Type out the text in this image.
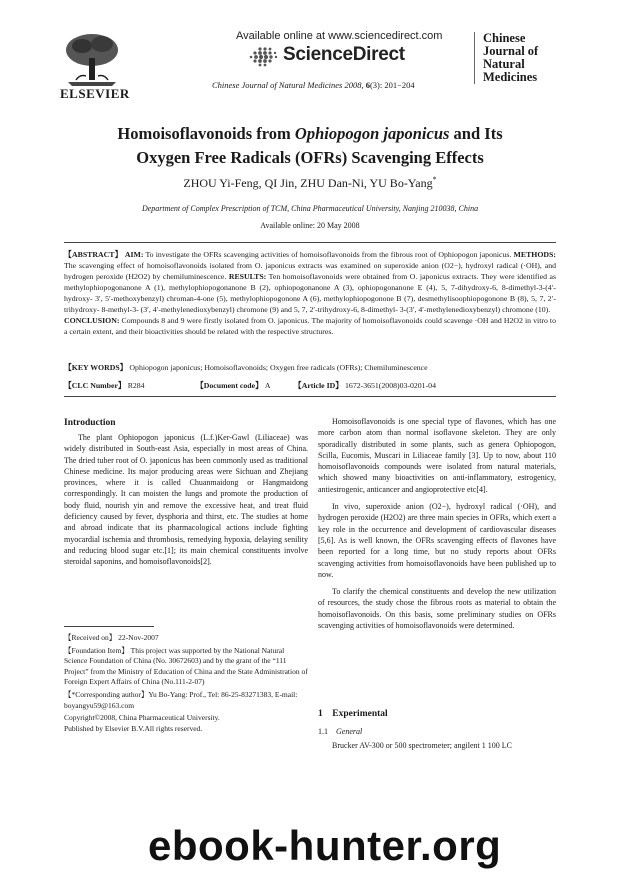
ELSEVIER
Available online at www.sciencedirect.com
ScienceDirect
Chinese Journal of Natural Medicines 2008, 6(3): 201−204
Chinese
Journal of
Natural
Medicines
Homoisoflavonoids from Ophiopogon japonicus and Its
Oxygen Free Radicals (OFRs) Scavenging Effects
ZHOU Yi-Feng, QI Jin, ZHU Dan-Ni, YU Bo-Yang*
Department of Complex Prescription of TCM, China Pharmaceutical University, Nanjing 210038, China
Available online: 20 May 2008
【ABSTRACT】 AIM: To investigate the OFRs scavenging activities of homoisoflavonoids from the fibrous root of Ophiopogon japonicus. METHODS: The scavenging effect of homoisoflavonoids isolated from O. japonicus extracts was examined on superoxide anion (O2−), hydroxyl radical (·OH), and hydrogen peroxide (H2O2) by chemiluminescence. RESULTS: Ten homoisoflavonoids were obtained from O. japonicus extracts. They were identified as methylophiopogonanone A (1), methylophiopogonanone B (2), ophiopogonanone A (3), ophiopogonanone E (4), 5, 7-dihydroxy-6, 8-dimethyl-3-(4′-hydroxy- 3′, 5′-methoxybenzyl) chroman-4-one (5), methylophiopogonone A (6), methylophiopogonone B (7), desmethylisoophiopogonone B (8), 5, 7, 2′-trihydroxy- 8-methyl-3- (3′, 4′-methylenedioxybenzyl) chromone (9) and 5, 7, 2′-trihydroxy-6, 8-dimethyl- 3-(3′, 4′-methylenedioxybenzyl) chromone (10).
CONCLUSION: Compounds 8 and 9 were firstly isolated from O. japonicus. The majority of homoisoflavonoids could scavenge ·OH and H2O2 in vitro to a certain extent, and their bioactivities should be related with the respective structures.
【KEY WORDS】 Ophiopogon japonicus; Homoisoflavonoids; Oxygen free radicals (OFRs); Chemiluminescence
【CLC Number】 R284	【Document code】 A	【Article ID】 1672-3651(2008)03-0201-04
Introduction

The plant Ophiopogon japonicus (L.f.)Ker-Gawl (Liliaceae) was widely distributed in South-east Asia, especially in most areas of China. The dried tuber root of O. japonicus has been commonly used as traditional Chinese medicine. Its major producing areas were Sichuan and Zhejiang provinces, where it is called Chuanmaidong or Hangmaidong correspondingly. It can moisten the lungs and promote the production of body fluid, nourish yin and remove the excessive heat, and treat fluid deficiency caused by fever, dysphoria and thirst, etc. The studies at home and abroad indicate that its pharmacological actions include fighting myocardial ischemia and thrombosis, remedying hypoxia, delaying senility and reducing blood sugar etc.[1]; its main chemical constituents involve steroidal saponins, and homoisoflavonoids[2].

【Received on】 22-Nov-2007
【Foundation Item】 This project was supported by the National Natural Science Foundation of China (No. 30672603) and by the grant of the “111 Project” from the Ministry of Education of China and the State Administration of Foreign Expert Affairs of China (No.111-2-07)
【*Corresponding author】Yu Bo-Yang: Prof., Tel: 86-25-83271383, E-mail: boyangyu59@163.com
Copyright©2008, China Pharmaceutical University.
Published by Elsevier B.V.All rights reserved.

Homoisoflavonoids is one special type of flavones, which has one more carbon atom than normal isoflavone skeleton. They are only sporadically distributed in some plants, such as genera Ophiopogon, Scilla, Eucomis, Muscari in Liliaceae family [3]. Up to now, about 110 homoisoflavonoids compounds were isolated from natural materials, which showed many bioactivities on anti-inflammatory, estrogenicy, antiestrogenic, anticancer and angioprotective etc[4].

In vivo, superoxide anion (O2−), hydroxyl radical (·OH), and hydrogen peroxide (H2O2) are three main species in OFRs, which exert a key role in the occurrence and development of cardiovascular diseases [5,6]. As is well known, the OFRs scavenging effects of flavones have been reported for a long time, but no study reports about OFRs scavenging activities from homoisoflavonoids have been published up to now.

To clarify the chemical constituents and develop the new utilization of resources, the study chose the fibrous roots as material to obtain the homoisoflavonoids. On this basis, some preliminary studies on OFRs scavenging activities of homoisoflavonoids were determined.

1    Experimental
1.1 General
Brucker AV-300 or 500 spectrometer; angilent 1 100 LC
ebook-hunter.org
